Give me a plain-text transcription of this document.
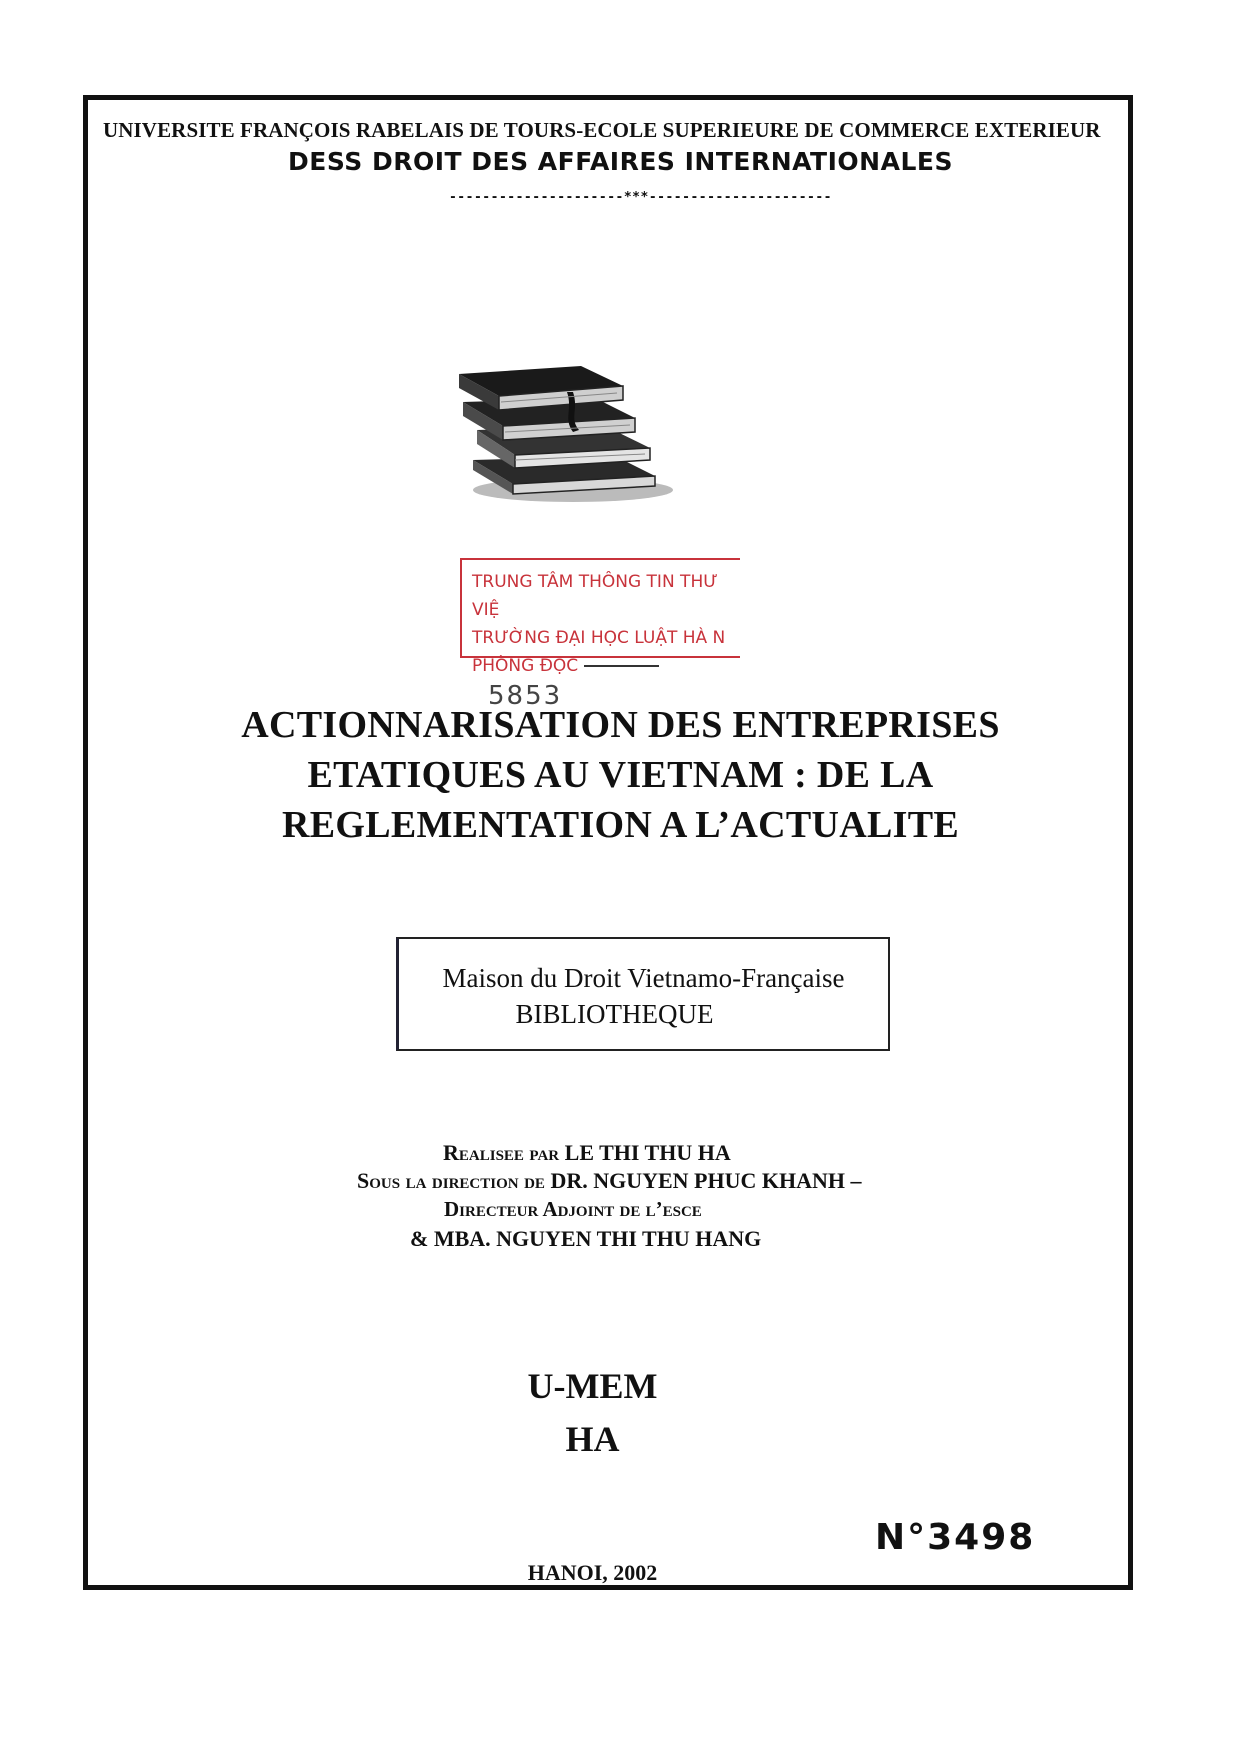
UNIVERSITE FRANÇOIS RABELAIS DE TOURS-ECOLE SUPERIEURE DE COMMERCE EXTERIEUR
DESS DROIT DES AFFAIRES INTERNATIONALES
---------------------***----------------------
TRUNG TÂM THÔNG TIN THƯ VIỆ
TRƯỜNG ĐẠI HỌC LUẬT HÀ N
PHÒNG ĐỌC5853
ACTIONNARISATION DES ENTREPRISES
ETATIQUES AU VIETNAM : DE LA
REGLEMENTATION A L’ACTUALITE
Maison du Droit Vietnamo-Française
BIBLIOTHEQUE
Realisee par LE THI THU HA
Sous la direction de DR. NGUYEN PHUC KHANH –
Directeur Adjoint de l’esce
& MBA. NGUYEN THI THU HANG
U-MEM
HA
N°3498
HANOI, 2002
